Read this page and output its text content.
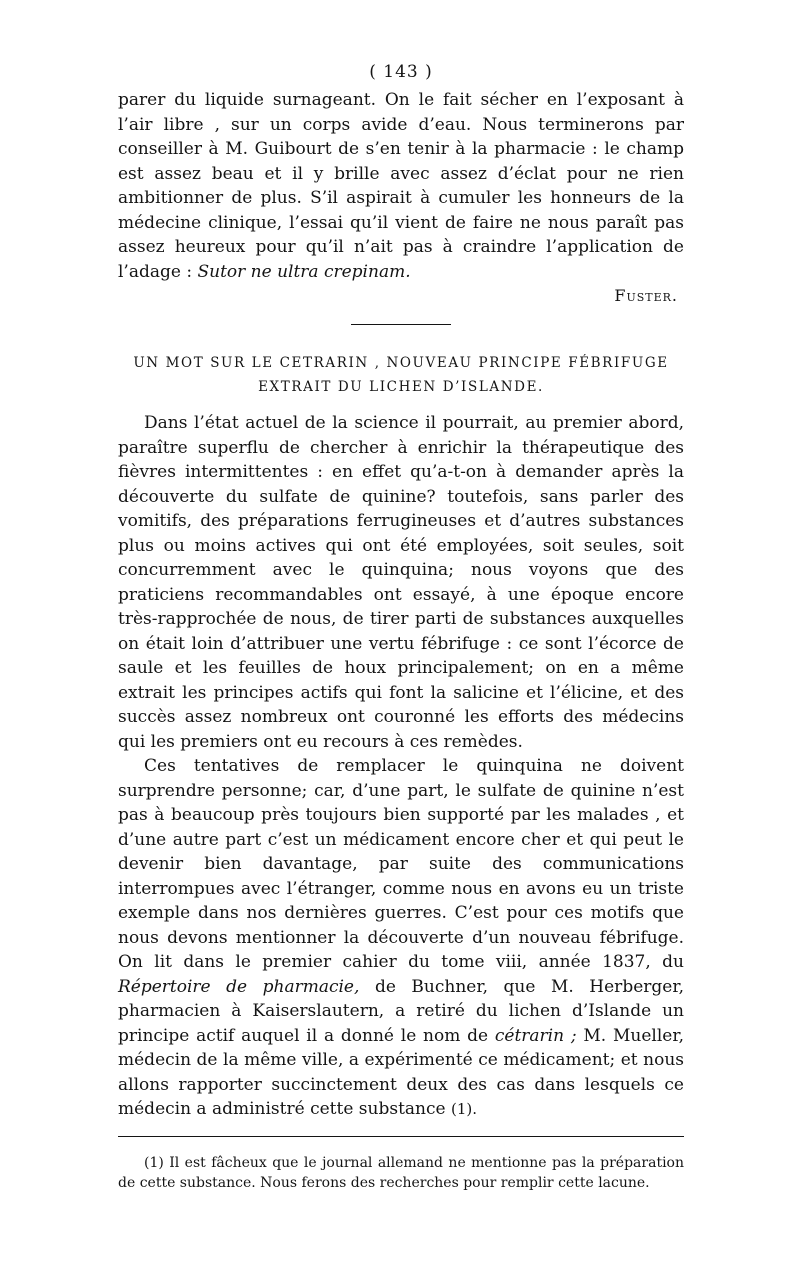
( 143 )

parer du liquide surnageant. On le fait sécher en l’exposant à l’air libre , sur un corps avide d’eau. Nous terminerons par conseiller à M. Guibourt de s’en tenir à la pharmacie : le champ est assez beau et il y brille avec assez d’éclat pour ne rien ambitionner de plus. S’il aspirait à cumuler les honneurs de la médecine clinique, l’essai qu’il vient de faire ne nous paraît pas assez heureux pour qu’il n’ait pas à craindre l’application de l’adage : Sutor ne ultra crepinam.

Fuster.
UN MOT SUR LE CETRARIN , NOUVEAU PRINCIPE FÉBRIFUGE
EXTRAIT DU LICHEN D’ISLANDE.

Dans l’état actuel de la science il pourrait, au premier abord, paraître superflu de chercher à enrichir la thérapeutique des fièvres intermittentes : en effet qu’a-t-on à demander après la découverte du sulfate de quinine? toutefois, sans parler des vomitifs, des préparations ferrugineuses et d’autres substances plus ou moins actives qui ont été employées, soit seules, soit concurremment avec le quinquina; nous voyons que des praticiens recommandables ont essayé, à une époque encore très-rapprochée de nous, de tirer parti de substances auxquelles on était loin d’attribuer une vertu fébrifuge : ce sont l’écorce de saule et les feuilles de houx principalement; on en a même extrait les principes actifs qui font la salicine et l’élicine, et des succès assez nombreux ont couronné les efforts des médecins qui les premiers ont eu recours à ces remèdes.

Ces tentatives de remplacer le quinquina ne doivent surprendre personne; car, d’une part, le sulfate de quinine n’est pas à beaucoup près toujours bien supporté par les malades , et d’une autre part c’est un médicament encore cher et qui peut le devenir bien davantage, par suite des communications interrompues avec l’étranger, comme nous en avons eu un triste exemple dans nos dernières guerres. C’est pour ces motifs que nous devons mentionner la découverte d’un nouveau fébrifuge. On lit dans le premier cahier du tome viii, année 1837, du Répertoire de pharmacie, de Buchner, que M. Herberger, pharmacien à Kaiserslautern, a retiré du lichen d’Islande un principe actif auquel il a donné le nom de cétrarin ; M. Mueller, médecin de la même ville, a expérimenté ce médicament; et nous allons rapporter succinctement deux des cas dans lesquels ce médecin a administré cette substance (1).

(1) Il est fâcheux que le journal allemand ne mentionne pas la préparation de cette substance. Nous ferons des recherches pour remplir cette lacune.
